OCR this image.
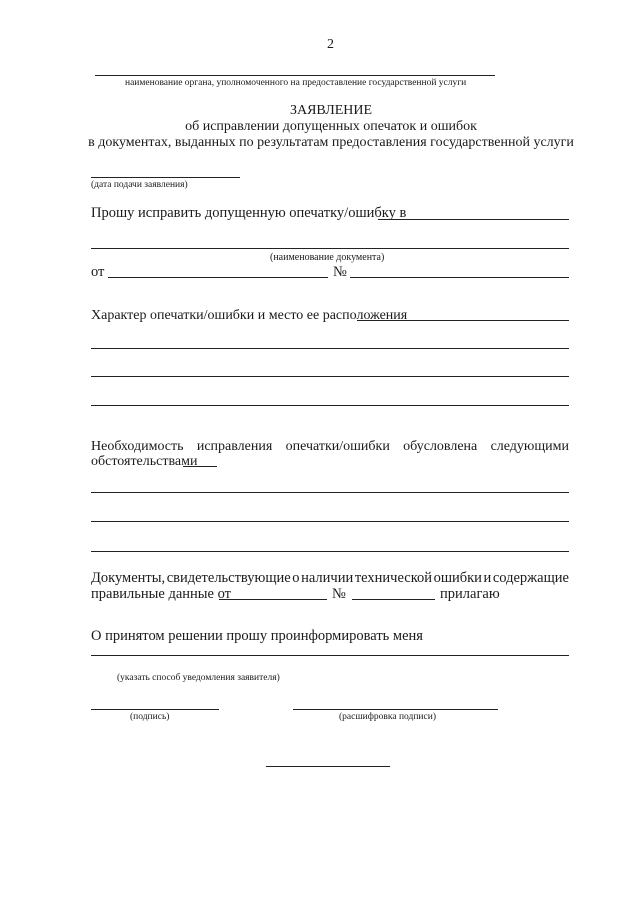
2
наименование органа, уполномоченного на предоставление государственной услуги
ЗАЯВЛЕНИЕ
об исправлении допущенных опечаток и ошибок
в документах, выданных по результатам предоставления государственной услуги
(дата подачи заявления)
Прошу исправить допущенную опечатку/ошибку в
(наименование документа)
от	№
Характер опечатки/ошибки и место ее расположения
Необходимость исправления опечатки/ошибки обусловлена следующими
обстоятельствами
Документы, свидетельствующие о наличии технической ошибки и содержащие
правильные данные от	№	прилагаю
О принятом решении прошу проинформировать меня
(указать способ уведомления заявителя)
(подпись)	(расшифровка подписи)
